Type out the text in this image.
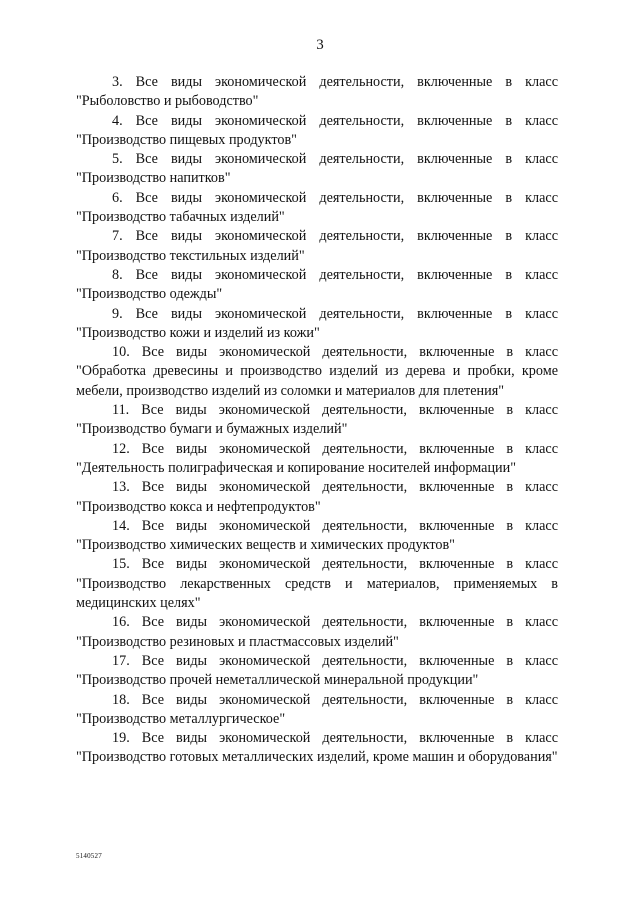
3

3. Все виды экономической деятельности, включенные в класс "Рыболовство и рыбоводство"

4. Все виды экономической деятельности, включенные в класс "Производство пищевых продуктов"

5. Все виды экономической деятельности, включенные в класс "Производство напитков"

6. Все виды экономической деятельности, включенные в класс "Производство табачных изделий"

7. Все виды экономической деятельности, включенные в класс "Производство текстильных изделий"

8. Все виды экономической деятельности, включенные в класс "Производство одежды"

9. Все виды экономической деятельности, включенные в класс "Производство кожи и изделий из кожи"

10. Все виды экономической деятельности, включенные в класс "Обработка древесины и производство изделий из дерева и пробки, кроме мебели, производство изделий из соломки и материалов для плетения"

11. Все виды экономической деятельности, включенные в класс "Производство бумаги и бумажных изделий"

12. Все виды экономической деятельности, включенные в класс "Деятельность полиграфическая и копирование носителей информации"

13. Все виды экономической деятельности, включенные в класс "Производство кокса и нефтепродуктов"

14. Все виды экономической деятельности, включенные в класс "Производство химических веществ и химических продуктов"

15. Все виды экономической деятельности, включенные в класс "Производство лекарственных средств и материалов, применяемых в медицинских целях"

16. Все виды экономической деятельности, включенные в класс "Производство резиновых и пластмассовых изделий"

17. Все виды экономической деятельности, включенные в класс "Производство прочей неметаллической минеральной продукции"

18. Все виды экономической деятельности, включенные в класс "Производство металлургическое"

19. Все виды экономической деятельности, включенные в класс "Производство готовых металлических изделий, кроме машин и оборудования"

5140527
